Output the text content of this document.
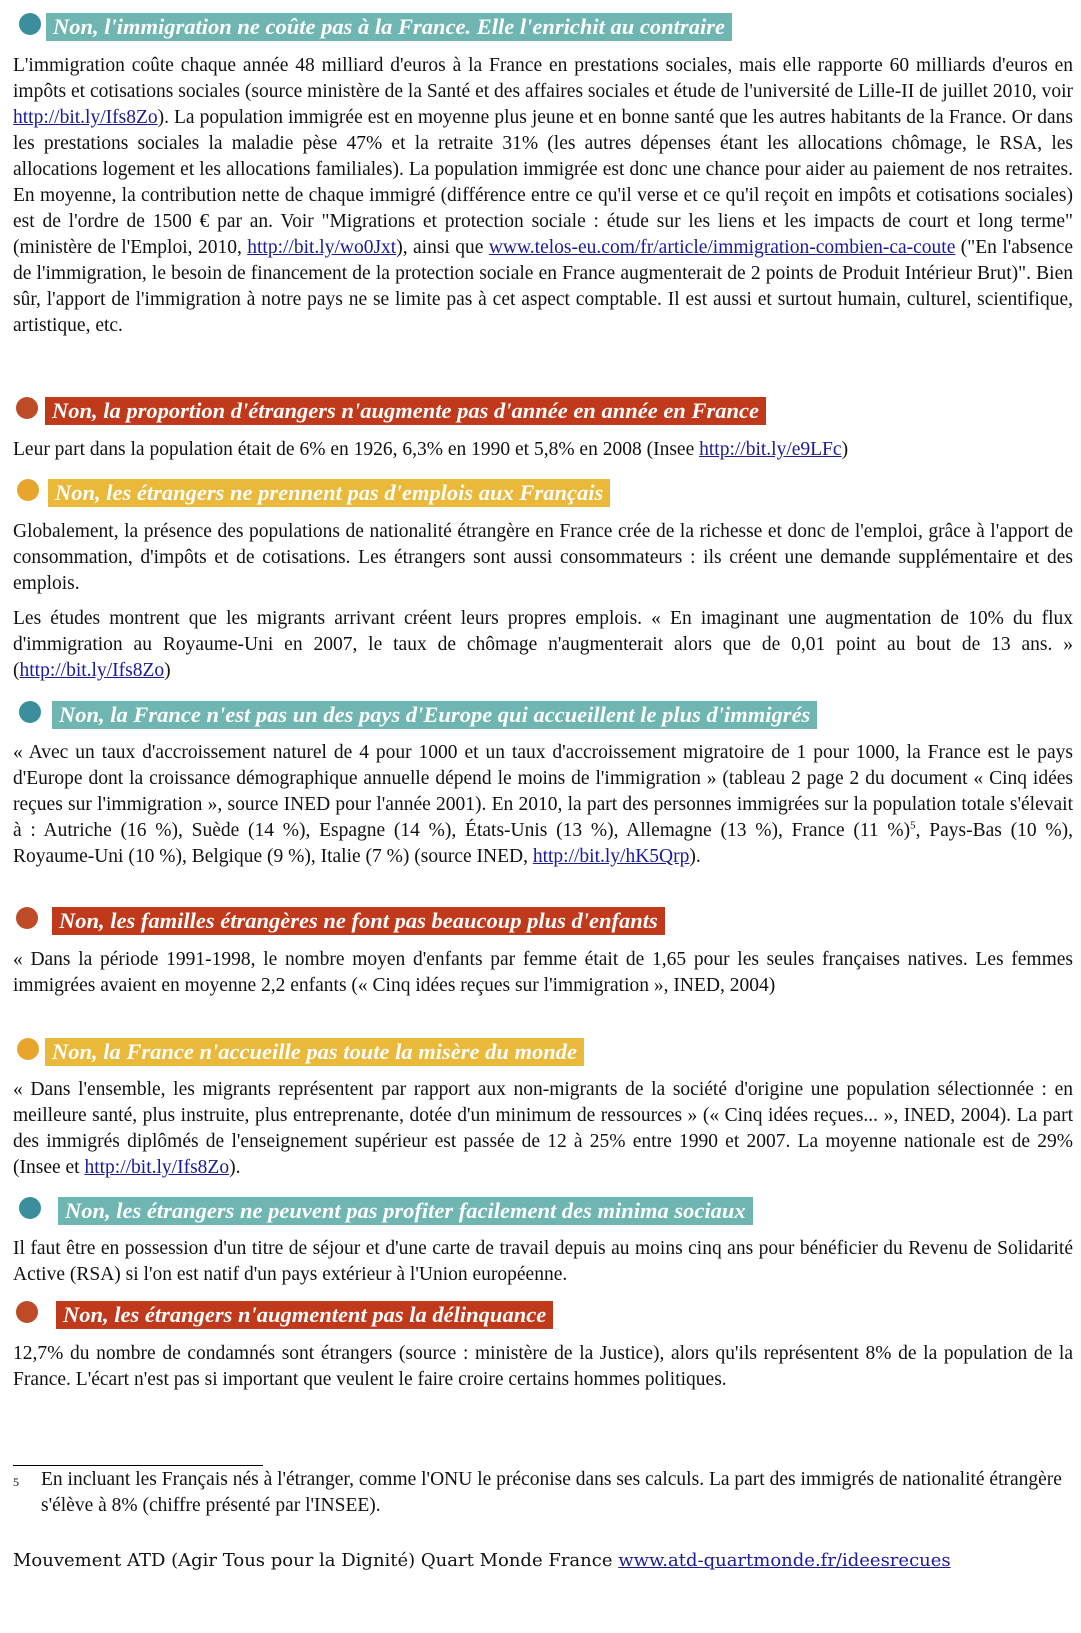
Non, l'immigration ne coûte pas à la France. Elle l'enrichit au contraire

L'immigration coûte chaque année 48 milliard d'euros à la France en prestations sociales, mais elle rapporte 60 milliards d'euros en impôts et cotisations sociales (source ministère de la Santé et des affaires sociales et étude de l'université de Lille-II de juillet 2010, voir http://bit.ly/Ifs8Zo). La population immigrée est en moyenne plus jeune et en bonne santé que les autres habitants de la France. Or dans les prestations sociales la maladie pèse 47% et la retraite 31% (les autres dépenses étant les allocations chômage, le RSA, les allocations logement et les allocations familiales). La population immigrée est donc une chance pour aider au paiement de nos retraites. En moyenne, la contribution nette de chaque immigré (différence entre ce qu'il verse et ce qu'il reçoit en impôts et cotisations sociales) est de l'ordre de 1500 € par an. Voir "Migrations et protection sociale : étude sur les liens et les impacts de court et long terme" (ministère de l'Emploi, 2010, http://bit.ly/wo0Jxt), ainsi que www.telos-eu.com/fr/article/immigration-combien-ca-coute ("En l'absence de l'immigration, le besoin de financement de la protection sociale en France augmenterait de 2 points de Produit Intérieur Brut)". Bien sûr, l'apport de l'immigration à notre pays ne se limite pas à cet aspect comptable. Il est aussi et surtout humain, culturel, scientifique, artistique, etc.

Non, la proportion d'étrangers n'augmente pas d'année en année en France

Leur part dans la population était de 6% en 1926, 6,3% en 1990 et 5,8% en 2008 (Insee http://bit.ly/e9LFc)

Non, les étrangers ne prennent pas d'emplois aux Français

Globalement, la présence des populations de nationalité étrangère en France crée de la richesse et donc de l'emploi, grâce à l'apport de consommation, d'impôts et de cotisations. Les étrangers sont aussi consommateurs : ils créent une demande supplémentaire et des emplois.

Les études montrent que les migrants arrivant créent leurs propres emplois. « En imaginant une augmentation de 10% du flux d'immigration au Royaume-Uni en 2007, le taux de chômage n'augmenterait alors que de 0,01 point au bout de 13 ans. » (http://bit.ly/Ifs8Zo)

Non, la France n'est pas un des pays d'Europe qui accueillent le plus d'immigrés

« Avec un taux d'accroissement naturel de 4 pour 1000 et un taux d'accroissement migratoire de 1 pour 1000, la France est le pays d'Europe dont la croissance démographique annuelle dépend le moins de l'immigration » (tableau 2 page 2 du document « Cinq idées reçues sur l'immigration », source INED pour l'année 2001). En 2010, la part des personnes immigrées sur la population totale s'élevait à : Autriche (16 %), Suède (14 %), Espagne (14 %), États-Unis (13 %), Allemagne (13 %), France (11 %)$^5$, Pays-Bas (10 %), Royaume-Uni (10 %), Belgique (9 %), Italie (7 %) (source INED, http://bit.ly/hK5Qrp).

Non, les familles étrangères ne font pas beaucoup plus d'enfants

« Dans la période 1991-1998, le nombre moyen d'enfants par femme était de 1,65 pour les seules françaises natives. Les femmes immigrées avaient en moyenne 2,2 enfants (« Cinq idées reçues sur l'immigration », INED, 2004)

Non, la France n'accueille pas toute la misère du monde

« Dans l'ensemble, les migrants représentent par rapport aux non-migrants de la société d'origine une population sélectionnée : en meilleure santé, plus instruite, plus entreprenante, dotée d'un minimum de ressources » (« Cinq idées reçues... », INED, 2004). La part des immigrés diplômés de l'enseignement supérieur est passée de 12 à 25% entre 1990 et 2007. La moyenne nationale est de 29% (Insee et http://bit.ly/Ifs8Zo).

Non, les étrangers ne peuvent pas profiter facilement des minima sociaux

Il faut être en possession d'un titre de séjour et d'une carte de travail depuis au moins cinq ans pour bénéficier du Revenu de Solidarité Active (RSA) si l'on est natif d'un pays extérieur à l'Union européenne.

Non, les étrangers n'augmentent pas la délinquance

12,7% du nombre de condamnés sont étrangers (source : ministère de la Justice), alors qu'ils représentent 8% de la population de la France. L'écart n'est pas si important que veulent le faire croire certains hommes politiques.

5 En incluant les Français nés à l'étranger, comme l'ONU le préconise dans ses calculs. La part des immigrés de nationalité étrangère s'élève à 8% (chiffre présenté par l'INSEE).

Mouvement ATD (Agir Tous pour la Dignité) Quart Monde France www.atd-quartmonde.fr/ideesrecues
